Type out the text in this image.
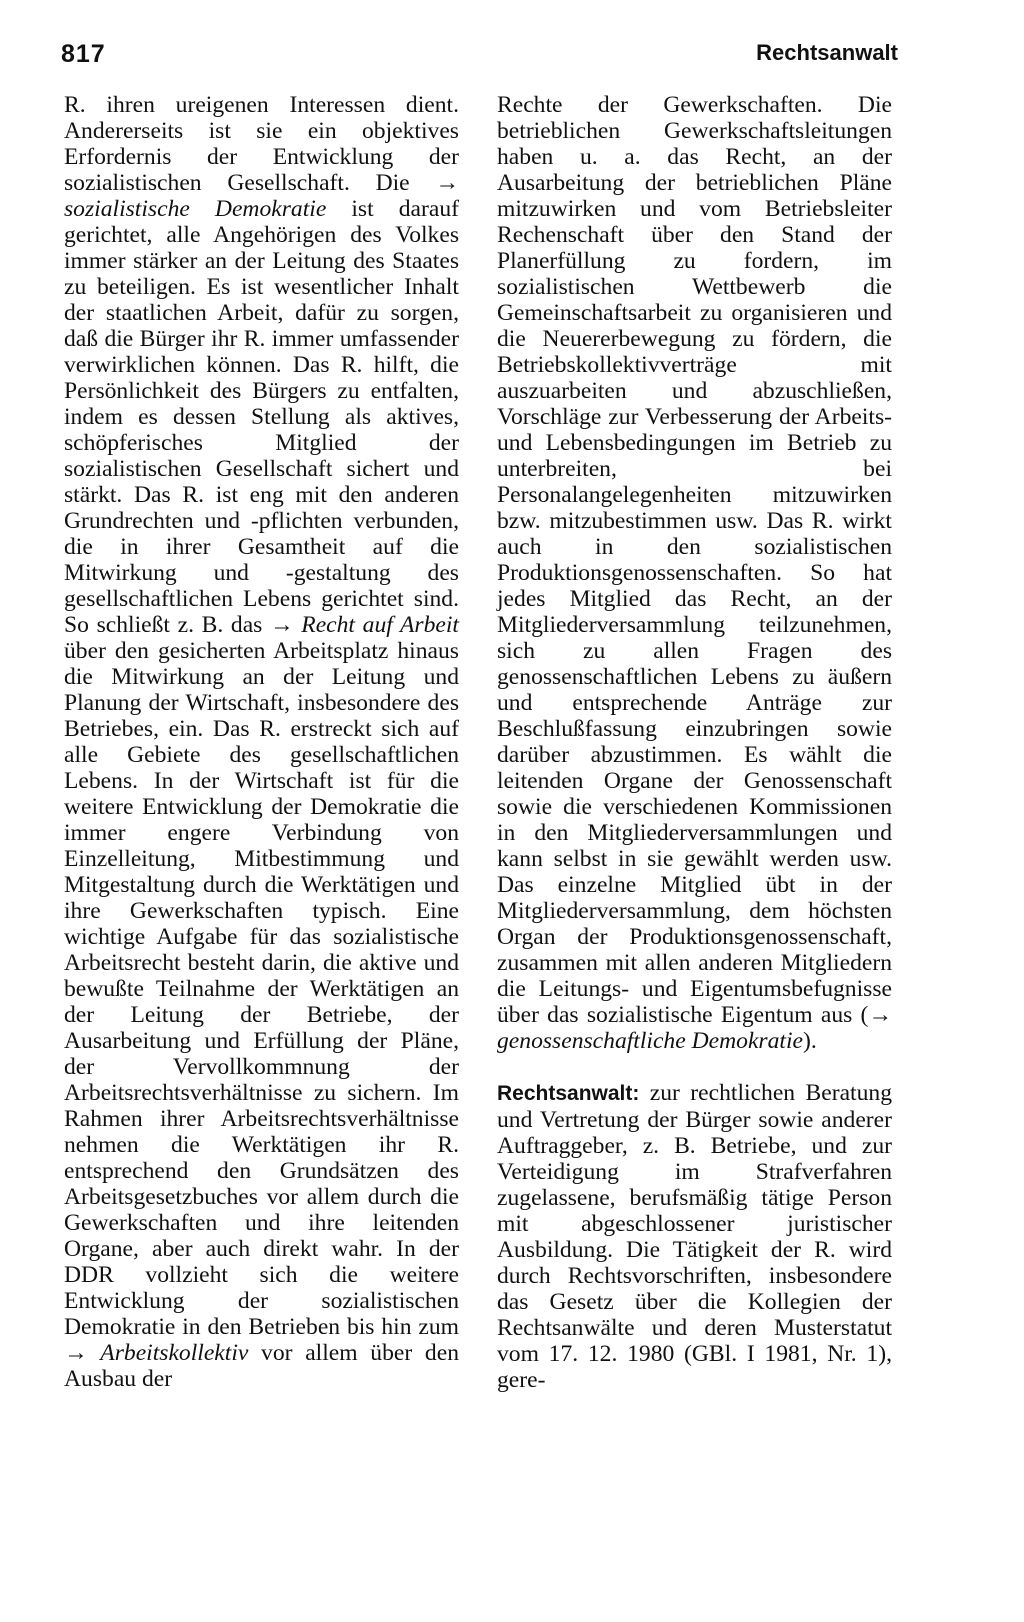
817	Rechtsanwalt

R. ihren ureigenen Interessen dient. Andererseits ist sie ein objektives Erfordernis der Entwicklung der sozialistischen Gesellschaft. Die → sozialistische Demokratie ist darauf gerichtet, alle Angehörigen des Volkes immer stärker an der Leitung des Staates zu beteiligen. Es ist wesentlicher Inhalt der staatlichen Arbeit, dafür zu sorgen, daß die Bürger ihr R. immer umfassender verwirklichen können. Das R. hilft, die Persönlichkeit des Bürgers zu entfalten, indem es dessen Stellung als aktives, schöpferisches Mitglied der sozialistischen Gesellschaft sichert und stärkt. Das R. ist eng mit den anderen Grundrechten und -pflichten verbunden, die in ihrer Gesamtheit auf die Mitwirkung und -gestaltung des gesellschaftlichen Lebens gerichtet sind. So schließt z. B. das → Recht auf Arbeit über den gesicherten Arbeitsplatz hinaus die Mitwirkung an der Leitung und Planung der Wirtschaft, insbesondere des Betriebes, ein. Das R. erstreckt sich auf alle Gebiete des gesellschaftlichen Lebens. In der Wirtschaft ist für die weitere Entwicklung der Demokratie die immer engere Verbindung von Einzelleitung, Mitbestimmung und Mitgestaltung durch die Werktätigen und ihre Gewerkschaften typisch. Eine wichtige Aufgabe für das sozialistische Arbeitsrecht besteht darin, die aktive und bewußte Teilnahme der Werktätigen an der Leitung der Betriebe, der Ausarbeitung und Erfüllung der Pläne, der Vervollkommnung der Arbeitsrechtsverhältnisse zu sichern. Im Rahmen ihrer Arbeitsrechtsverhältnisse nehmen die Werktätigen ihr R. entsprechend den Grundsätzen des Arbeitsgesetzbuches vor allem durch die Gewerkschaften und ihre leitenden Organe, aber auch direkt wahr. In der DDR vollzieht sich die weitere Entwicklung der sozialistischen Demokratie in den Betrieben bis hin zum → Arbeitskollektiv vor allem über den Ausbau der

Rechte der Gewerkschaften. Die betrieblichen Gewerkschaftsleitungen haben u. a. das Recht, an der Ausarbeitung der betrieblichen Pläne mitzuwirken und vom Betriebsleiter Rechenschaft über den Stand der Planerfüllung zu fordern, im sozialistischen Wettbewerb die Gemeinschaftsarbeit zu organisieren und die Neuererbewegung zu fördern, die Betriebskollektivverträge mit auszuarbeiten und abzuschließen, Vorschläge zur Verbesserung der Arbeits- und Lebensbedingungen im Betrieb zu unterbreiten, bei Personalangelegenheiten mitzuwirken bzw. mitzubestimmen usw. Das R. wirkt auch in den sozialistischen Produktionsgenossenschaften. So hat jedes Mitglied das Recht, an der Mitgliederversammlung teilzunehmen, sich zu allen Fragen des genossenschaftlichen Lebens zu äußern und entsprechende Anträge zur Beschlußfassung einzubringen sowie darüber abzustimmen. Es wählt die leitenden Organe der Genossenschaft sowie die verschiedenen Kommissionen in den Mitgliederversammlungen und kann selbst in sie gewählt werden usw. Das einzelne Mitglied übt in der Mitgliederversammlung, dem höchsten Organ der Produktionsgenossenschaft, zusammen mit allen anderen Mitgliedern die Leitungs- und Eigentumsbefugnisse über das sozialistische Eigentum aus (→ genossenschaftliche Demokratie).

Rechtsanwalt: zur rechtlichen Beratung und Vertretung der Bürger sowie anderer Auftraggeber, z. B. Betriebe, und zur Verteidigung im Strafverfahren zugelassene, berufsmäßig tätige Person mit abgeschlossener juristischer Ausbildung. Die Tätigkeit der R. wird durch Rechtsvorschriften, insbesondere das Gesetz über die Kollegien der Rechtsanwälte und deren Musterstatut vom 17. 12. 1980 (GBl. I 1981, Nr. 1), gere-
